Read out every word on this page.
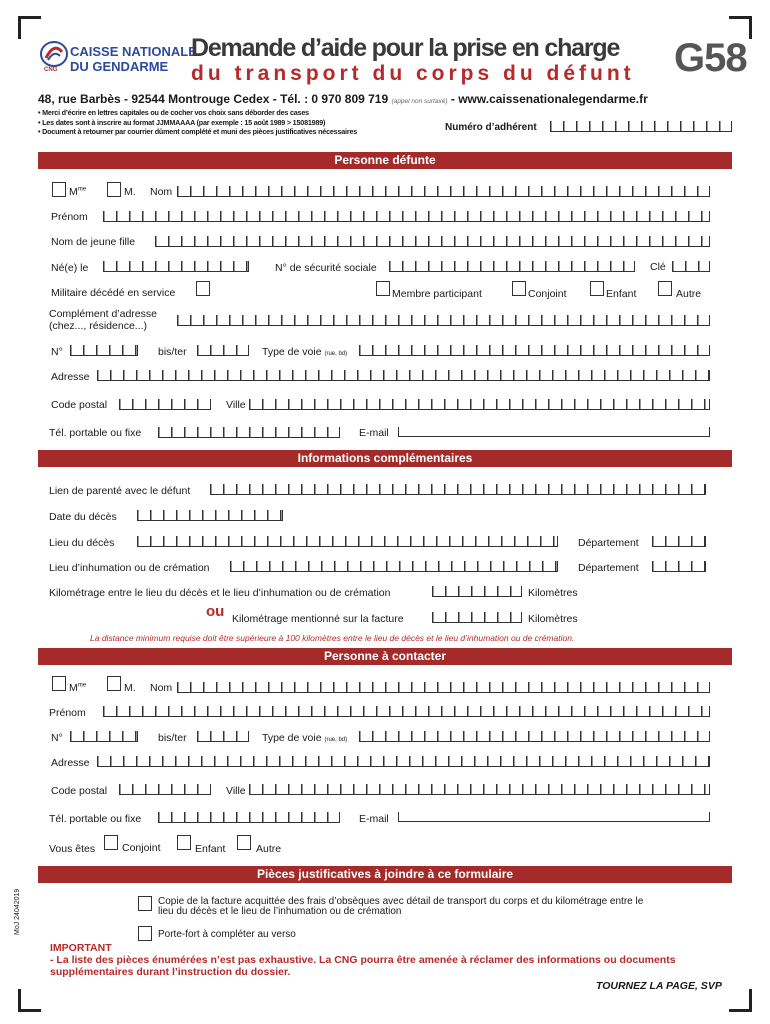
CNG
CAISSE NATIONALE
DU GENDARME
Demande d’aide pour la prise en charge
du transport du corps du défunt G58
48, rue Barbès - 92544 Montrouge Cedex - Tél. : 0 970 809 719 (appel non surtaxé) - www.caissenationalegendarme.fr
• Merci d’écrire en lettres capitales ou de cocher vos choix sans déborder des cases
• Les dates sont à inscrire au format JJMMAAAA (par exemple : 15 août 1989 > 15081989)
• Document à retourner par courrier dûment complété et muni des pièces justificatives nécessaires	Numéro d’adhérent
Personne défunte
$M^{me}$	M. Nom
Prénom
Nom de jeune fille
Né(e) le	N° de sécurité sociale	Clé
Militaire décédé en service	Membre participant	Conjoint	Enfant	Autre
Complément d’adresse
(chez..., résidence...)
N°	bis/ter	Type de voie (rue, bd)
Adresse
Code postal	Ville
Tél. portable ou fixe	E-mail
Informations complémentaires
Lien de parenté avec le défunt
Date du décès
Lieu du décès	Département
Lieu d’inhumation ou de crémation	Département
Kilométrage entre le lieu du décès et le lieu d’inhumation ou de crémation	Kilomètres
ou Kilométrage mentionné sur la facture	Kilomètres
La distance minimum requise doit être supérieure à 100 kilomètres entre le lieu de décès et le lieu d’inhumation ou de crémation.
Personne à contacter
$M^{me}$	M. Nom
Prénom
N°	bis/ter	Type de voie (rue, bd)
Adresse
Code postal	Ville
Tél. portable ou fixe	E-mail
Vous êtes	Conjoint	Enfant	Autre
Pièces justificatives à joindre à ce formulaire
Copie de la facture acquittée des frais d’obsèques avec détail de transport du corps et du kilométrage entre le
lieu du décès et le lieu de l’inhumation ou de crémation
Porte-fort à compléter au verso
IMPORTANT
- La liste des pièces énumérées n’est pas exhaustive. La CNG pourra être amenée à réclamer des informations ou documents
supplémentaires durant l’instruction du dossier.
TOURNEZ LA PAGE, SVP
MoJ 24042019
